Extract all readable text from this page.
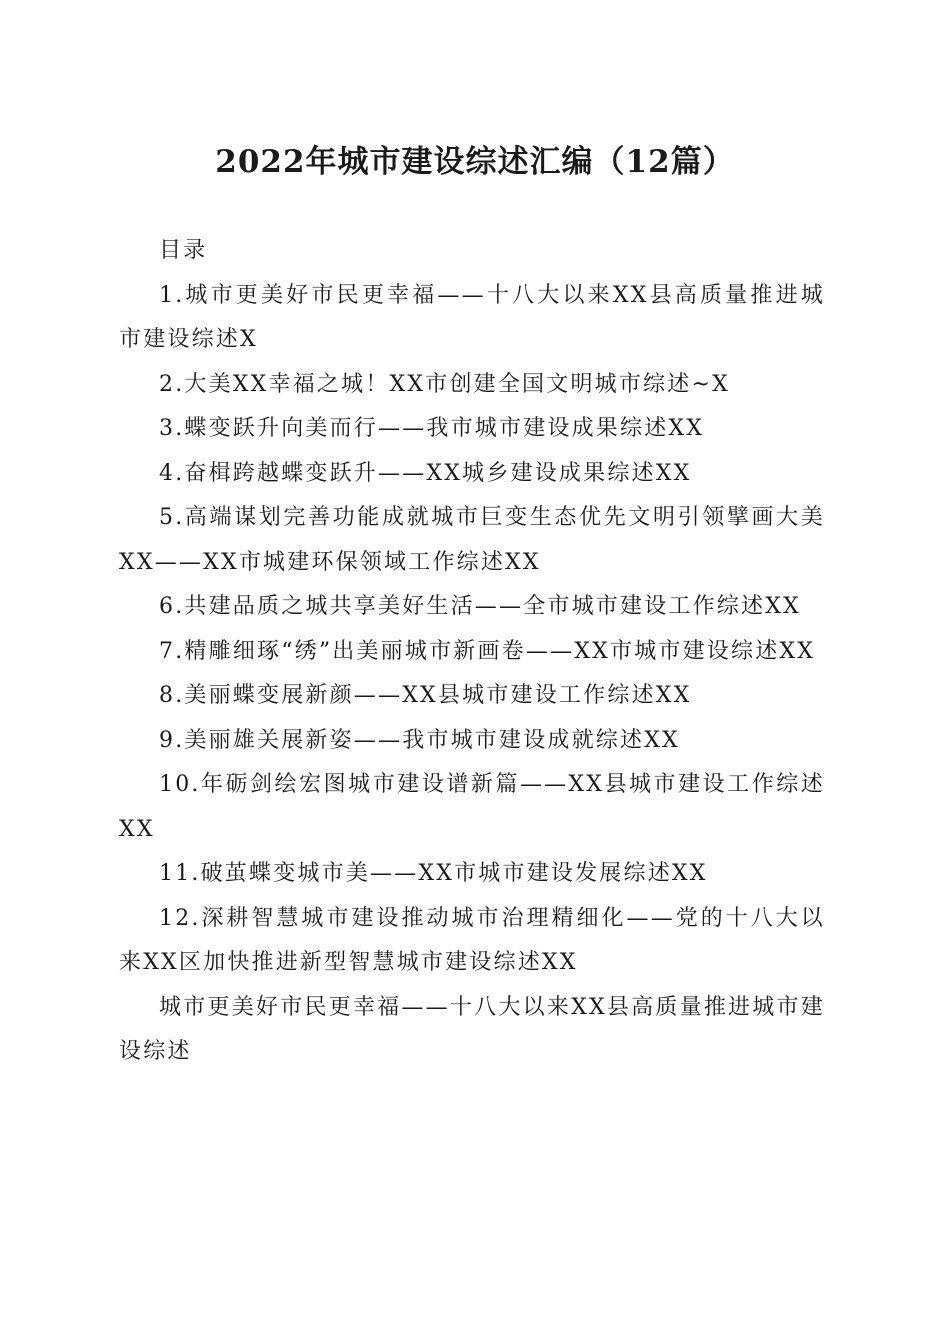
2022年城市建设综述汇编（12篇）

目录

1.城市更美好市民更幸福——十八大以来XX县高质量推进城市建设综述X

2.大美XX幸福之城！XX市创建全国文明城市综述~X

3.蝶变跃升向美而行——我市城市建设成果综述XX

4.奋楫跨越蝶变跃升——XX城乡建设成果综述XX

5.高端谋划完善功能成就城市巨变生态优先文明引领擘画大美XX——XX市城建环保领域工作综述XX

6.共建品质之城共享美好生活——全市城市建设工作综述XX

7.精雕细琢“绣”出美丽城市新画卷——XX市城市建设综述XX

8.美丽蝶变展新颜——XX县城市建设工作综述XX

9.美丽雄关展新姿——我市城市建设成就综述XX

10.年砺剑绘宏图城市建设谱新篇——XX县城市建设工作综述XX

11.破茧蝶变城市美——XX市城市建设发展综述XX

12.深耕智慧城市建设推动城市治理精细化——党的十八大以来XX区加快推进新型智慧城市建设综述XX

城市更美好市民更幸福——十八大以来XX县高质量推进城市建设综述
